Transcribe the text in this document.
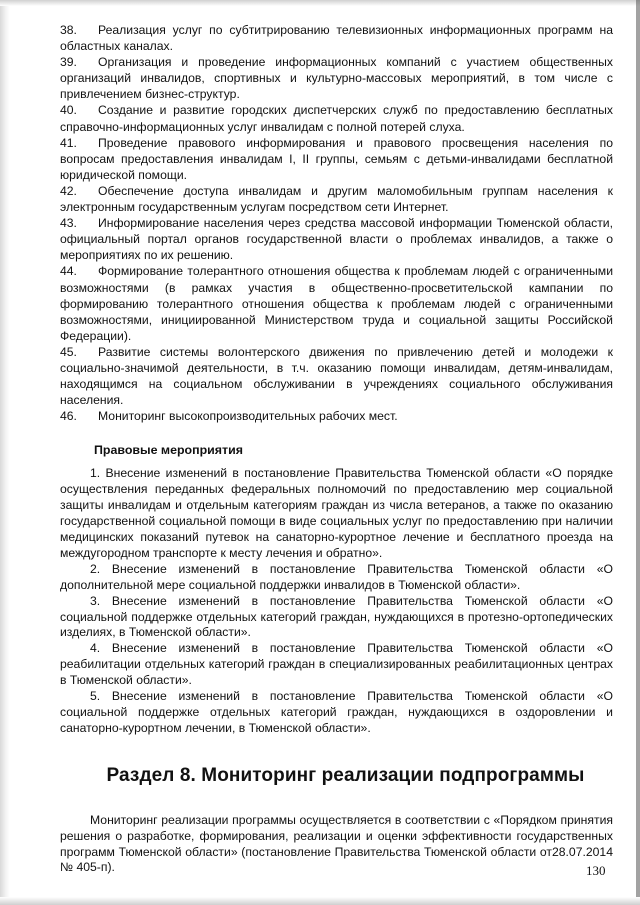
38. Реализация услуг по субтитрированию телевизионных информационных программ на областных каналах.

39. Организация и проведение информационных компаний с участием общественных организаций инвалидов, спортивных и культурно-массовых мероприятий, в том числе с привлечением бизнес-структур.

40. Создание и развитие городских диспетчерских служб по предоставлению бесплатных справочно-информационных услуг инвалидам с полной потерей слуха.

41. Проведение правового информирования и правового просвещения населения по вопросам предоставления инвалидам I, II группы, семьям с детьми-инвалидами бесплатной юридической помощи.

42. Обеспечение доступа инвалидам и другим маломобильным группам населения к электронным государственным услугам посредством сети Интернет.

43. Информирование населения через средства массовой информации Тюменской области, официальный портал органов государственной власти о проблемах инвалидов, а также о мероприятиях по их решению.

44. Формирование толерантного отношения общества к проблемам людей с ограниченными возможностями (в рамках участия в общественно-просветительской кампании по формированию толерантного отношения общества к проблемам людей с ограниченными возможностями, инициированной Министерством труда и социальной защиты Российской Федерации).

45. Развитие системы волонтерского движения по привлечению детей и молодежи к социально-значимой деятельности, в т.ч. оказанию помощи инвалидам, детям-инвалидам, находящимся на социальном обслуживании в учреждениях социального обслуживания населения.

46. Мониторинг высокопроизводительных рабочих мест.

Правовые мероприятия

1. Внесение изменений в постановление Правительства Тюменской области «О порядке осуществления переданных федеральных полномочий по предоставлению мер социальной защиты инвалидам и отдельным категориям граждан из числа ветеранов, а также по оказанию государственной социальной помощи в виде социальных услуг по предоставлению при наличии медицинских показаний путевок на санаторно-курортное лечение и бесплатного проезда на междугородном транспорте к месту лечения и обратно».

2. Внесение изменений в постановление Правительства Тюменской области «О дополнительной мере социальной поддержки инвалидов в Тюменской области».

3. Внесение изменений в постановление Правительства Тюменской области «О социальной поддержке отдельных категорий граждан, нуждающихся в протезно-ортопедических изделиях, в Тюменской области».

4. Внесение изменений в постановление Правительства Тюменской области «О реабилитации отдельных категорий граждан в специализированных реабилитационных центрах в Тюменской области».

5. Внесение изменений в постановление Правительства Тюменской области «О социальной поддержке отдельных категорий граждан, нуждающихся в оздоровлении и санаторно-курортном лечении, в Тюменской области».

Раздел 8. Мониторинг реализации подпрограммы

Мониторинг реализации программы осуществляется в соответствии с «Порядком принятия решения о разработке, формирования, реализации и оценки эффективности государственных программ Тюменской области» (постановление Правительства Тюменской области от28.07.2014 № 405-п).	130
